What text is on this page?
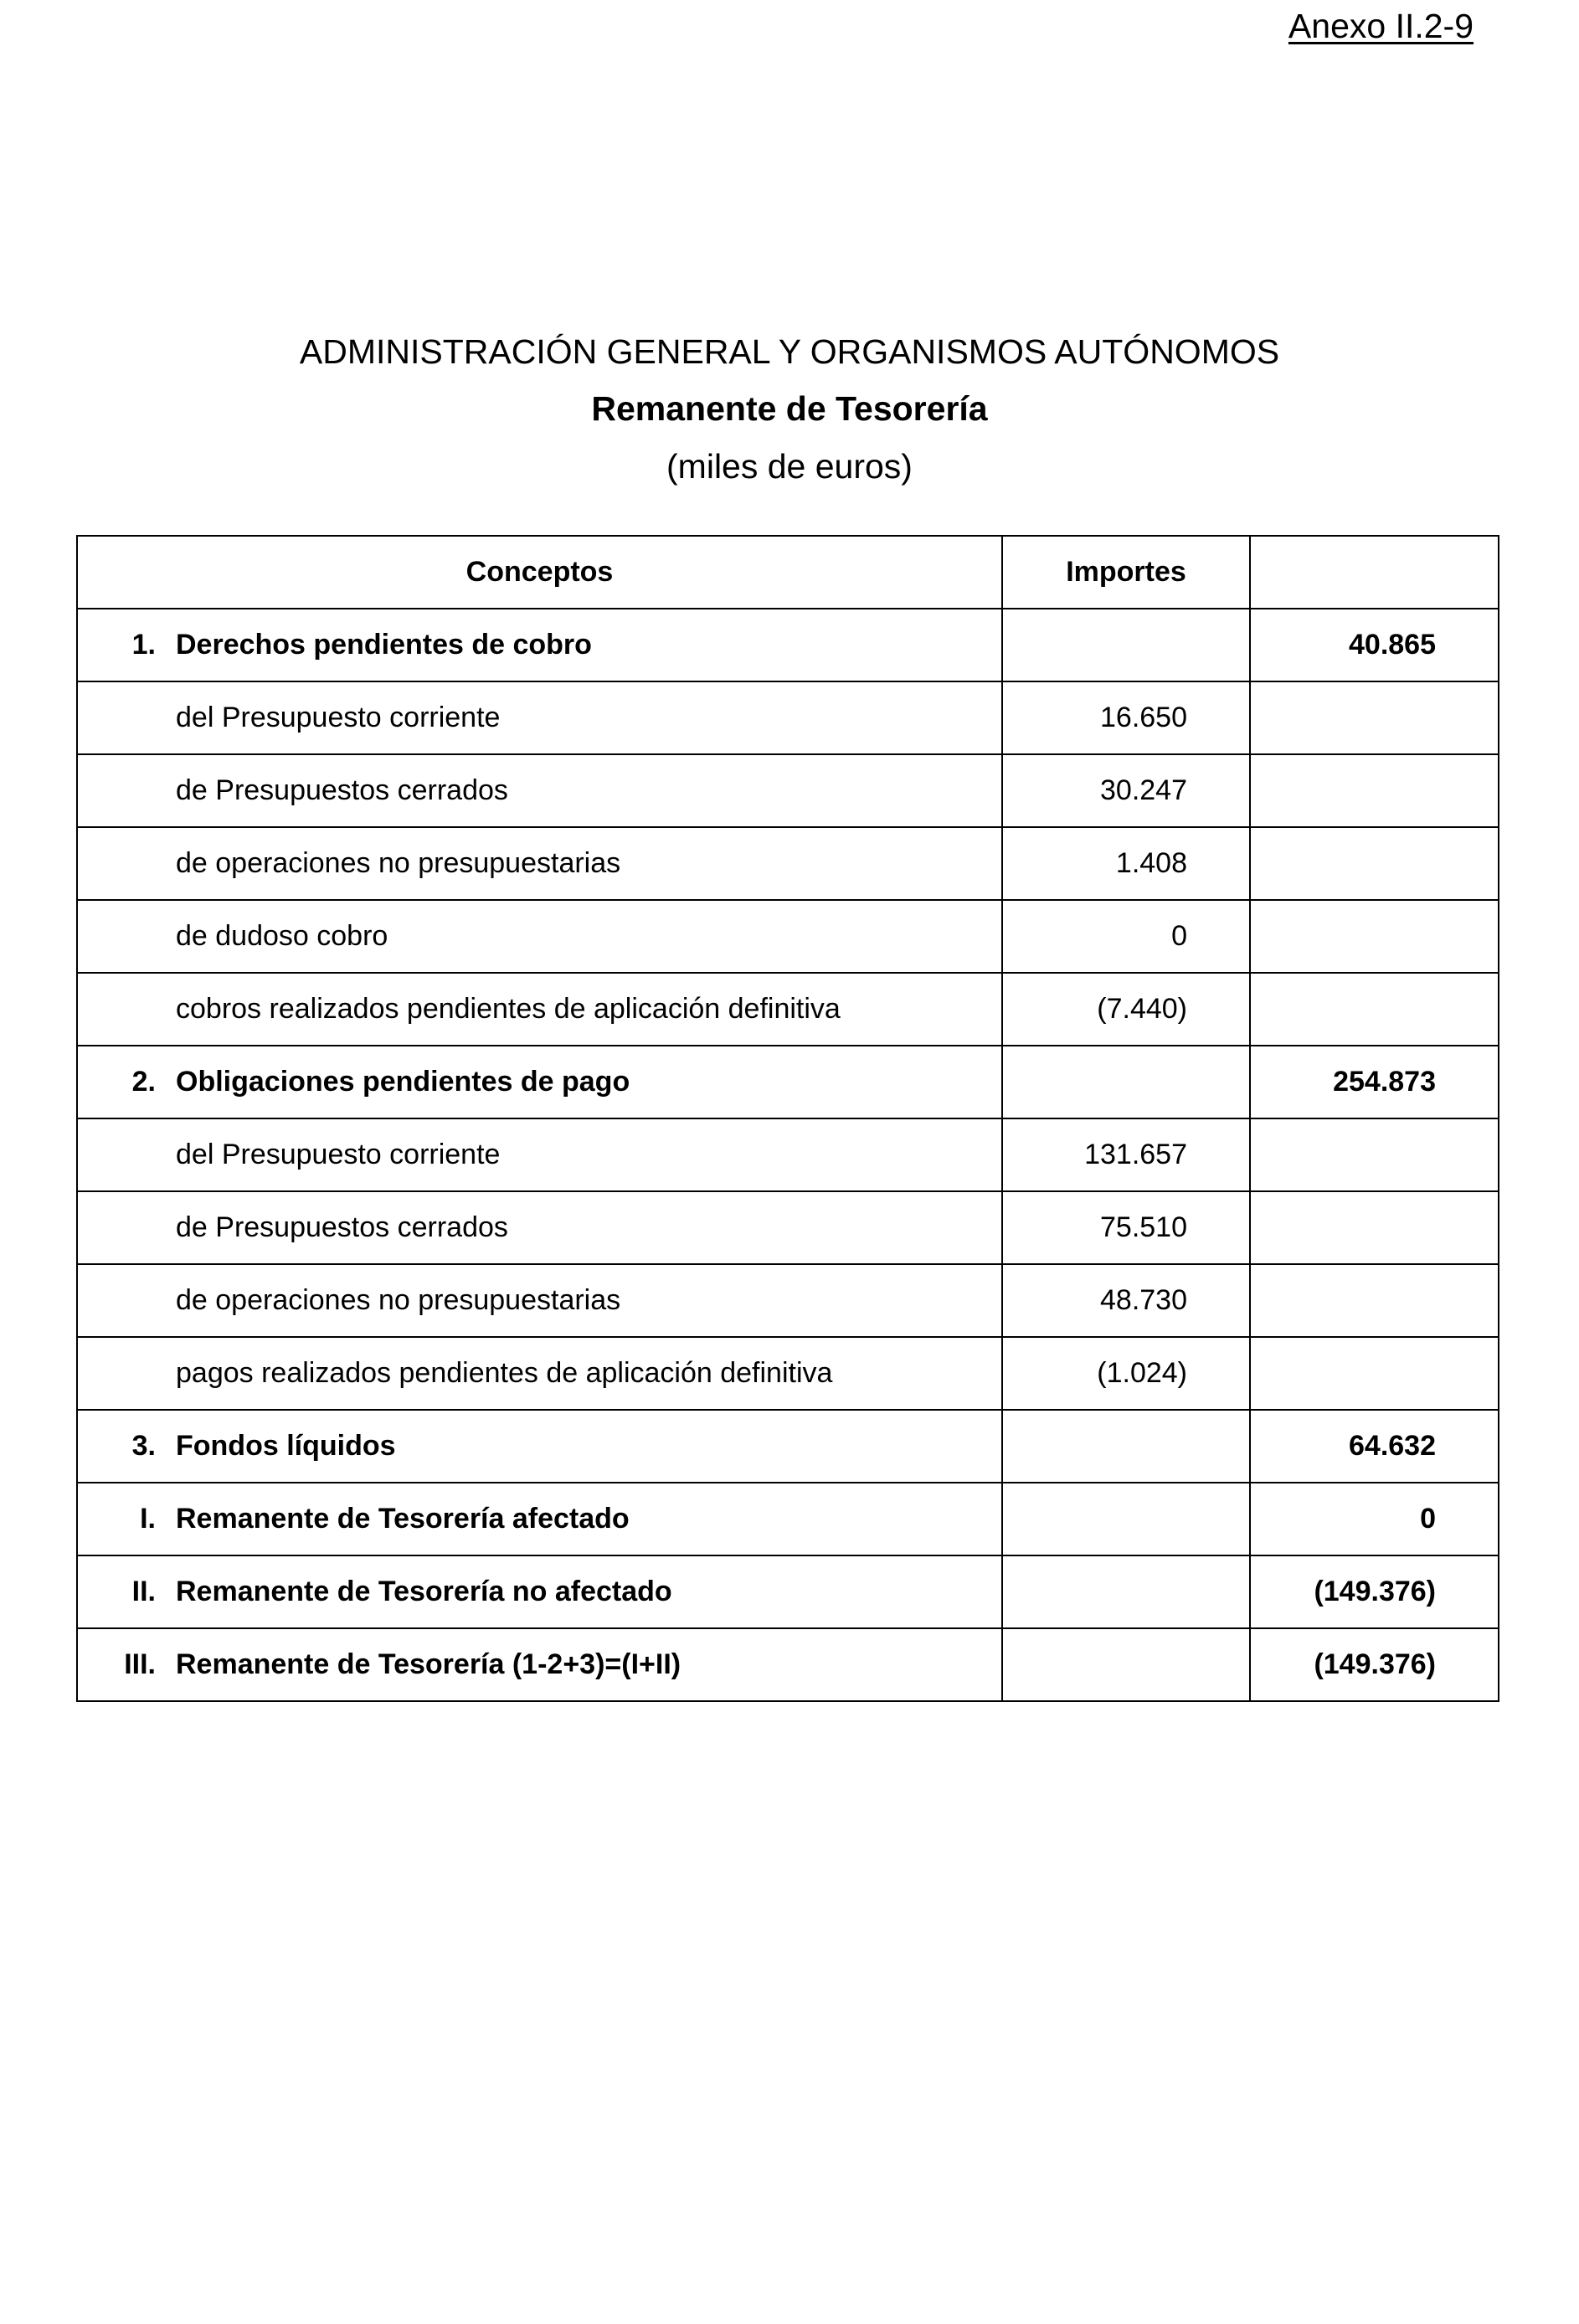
Anexo II.2-9
ADMINISTRACIÓN GENERAL Y ORGANISMOS AUTÓNOMOS
Remanente de Tesorería
(miles de euros)
Conceptos	Importes	

1. Derechos pendientes de cobro		40.865

del Presupuesto corriente	16.650	

de Presupuestos cerrados	30.247	

de operaciones no presupuestarias	1.408	

de dudoso cobro	0	

cobros realizados pendientes de aplicación definitiva	(7.440)	

2. Obligaciones pendientes de pago		254.873

del Presupuesto corriente	131.657	

de Presupuestos cerrados	75.510	

de operaciones no presupuestarias	48.730	

pagos realizados pendientes de aplicación definitiva	(1.024)	

3. Fondos líquidos		64.632

I. Remanente de Tesorería afectado		0

II. Remanente de Tesorería no afectado		(149.376)

III. Remanente de Tesorería (1-2+3)=(I+II)		(149.376)
